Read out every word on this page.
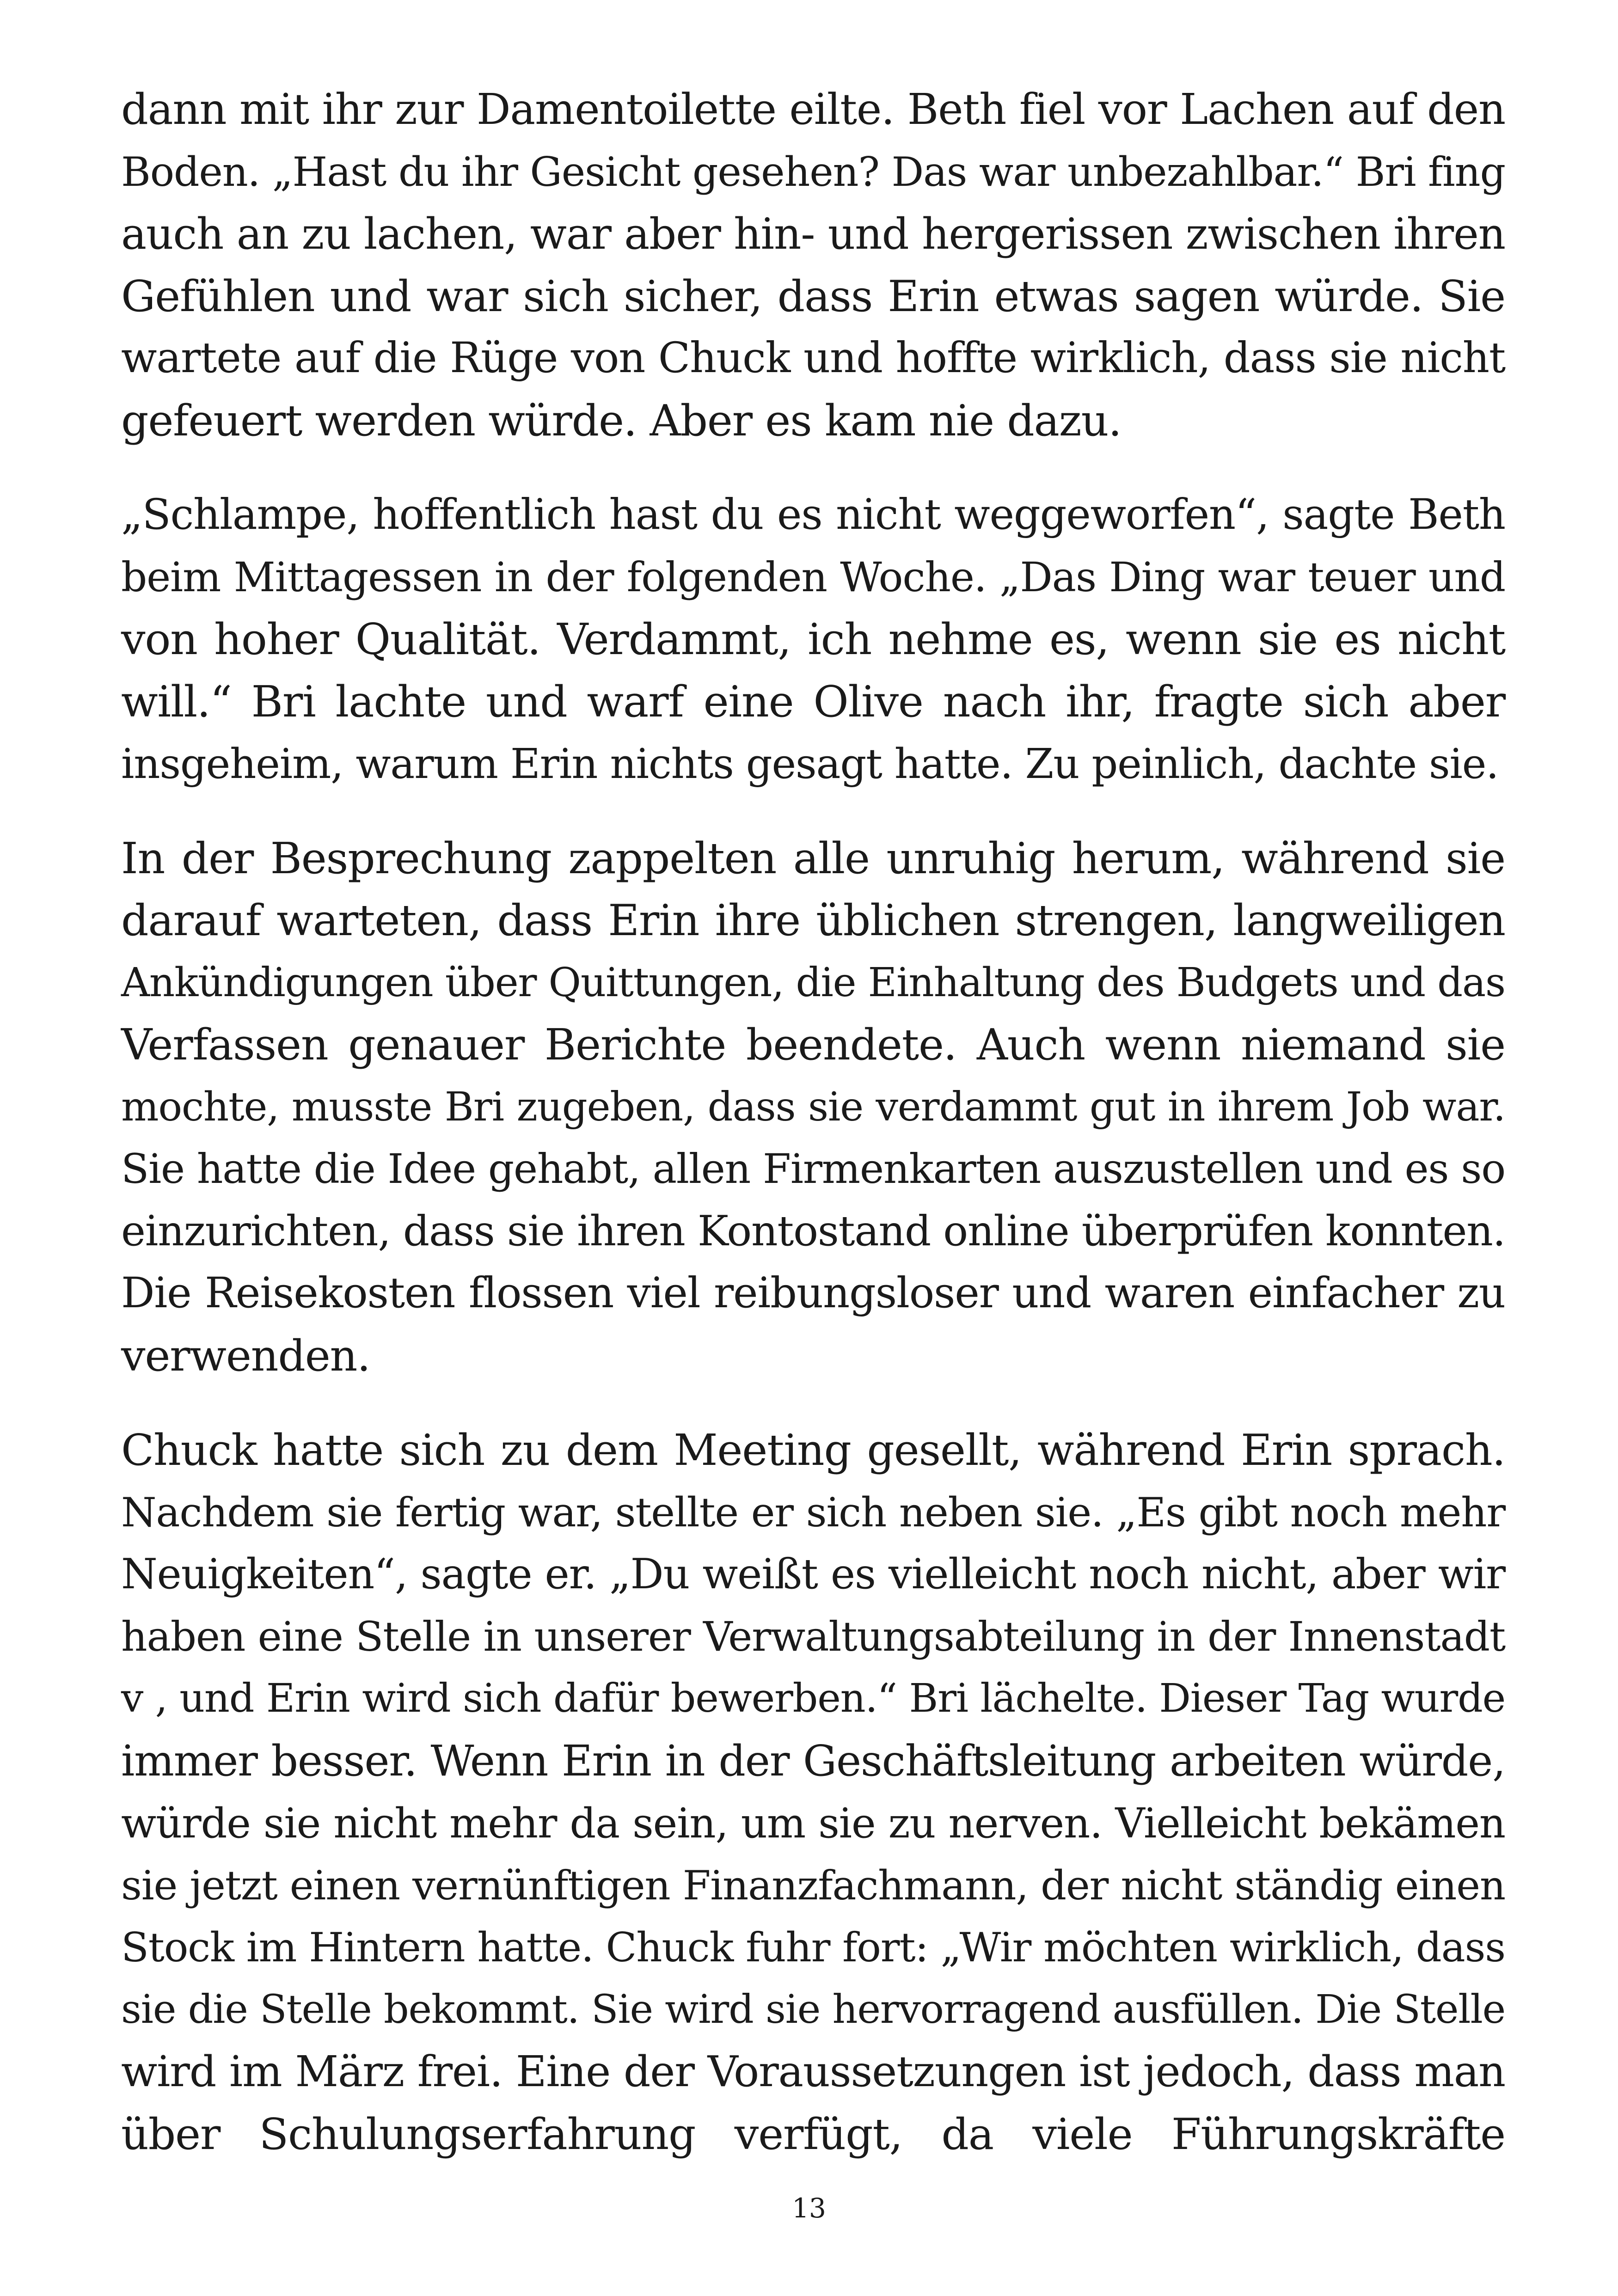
dann mit ihr zur Damentoilette eilte. Beth fiel vor Lachen auf den
Boden. „Hast du ihr Gesicht gesehen? Das war unbezahlbar.“ Bri fing
auch an zu lachen, war aber hin- und hergerissen zwischen ihren
Gefühlen und war sich sicher, dass Erin etwas sagen würde. Sie
wartete auf die Rüge von Chuck und hoffte wirklich, dass sie nicht
gefeuert werden würde. Aber es kam nie dazu.
„Schlampe, hoffentlich hast du es nicht weggeworfen“, sagte Beth
beim Mittagessen in der folgenden Woche. „Das Ding war teuer und
von hoher Qualität. Verdammt, ich nehme es, wenn sie es nicht
will.“ Bri lachte und warf eine Olive nach ihr, fragte sich aber
insgeheim, warum Erin nichts gesagt hatte. Zu peinlich, dachte sie.
In der Besprechung zappelten alle unruhig herum, während sie
darauf warteten, dass Erin ihre üblichen strengen, langweiligen
Ankündigungen über Quittungen, die Einhaltung des Budgets und das
Verfassen genauer Berichte beendete. Auch wenn niemand sie
mochte, musste Bri zugeben, dass sie verdammt gut in ihrem Job war.
Sie hatte die Idee gehabt, allen Firmenkarten auszustellen und es so
einzurichten, dass sie ihren Kontostand online überprüfen konnten.
Die Reisekosten flossen viel reibungsloser und waren einfacher zu
verwenden.
Chuck hatte sich zu dem Meeting gesellt, während Erin sprach.
Nachdem sie fertig war, stellte er sich neben sie. „Es gibt noch mehr
Neuigkeiten“, sagte er. „Du weißt es vielleicht noch nicht, aber wir
haben eine Stelle in unserer Verwaltungsabteilung in der Innenstadt
v , und Erin wird sich dafür bewerben.“ Bri lächelte. Dieser Tag wurde
immer besser. Wenn Erin in der Geschäftsleitung arbeiten würde,
würde sie nicht mehr da sein, um sie zu nerven. Vielleicht bekämen
sie jetzt einen vernünftigen Finanzfachmann, der nicht ständig einen
Stock im Hintern hatte. Chuck fuhr fort: „Wir möchten wirklich, dass
sie die Stelle bekommt. Sie wird sie hervorragend ausfüllen. Die Stelle
wird im März frei. Eine der Voraussetzungen ist jedoch, dass man
über Schulungserfahrung verfügt, da viele Führungskräfte
13
